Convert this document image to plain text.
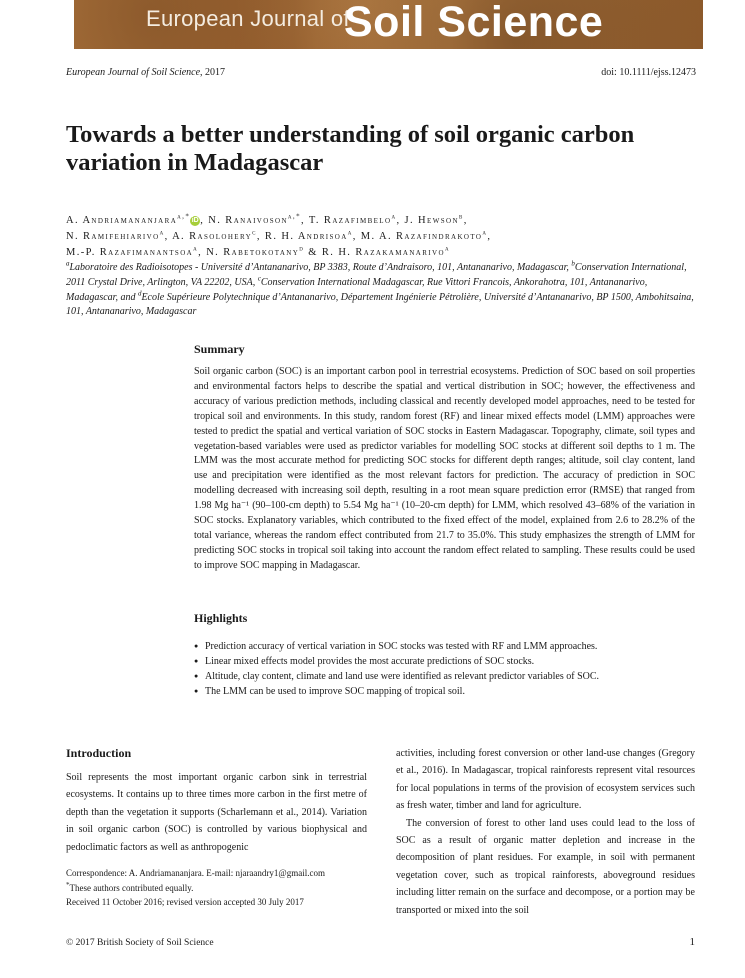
European Journal of
Soil Science
European Journal of Soil Science, 2017	doi: 10.1111/ejss.12473
Towards a better understanding of soil organic carbon variation in Madagascar
A. Andriamananjara$^{a,*}$ iD , N. Ranaivoson$^{a,*}$, T. Razafimbelo$^a$, J. Hewson$^b$,
N. Ramifehiarivo$^a$, A. Rasolohery$^c$, R. H. Andrisoa$^a$, M. A. Razafindrakoto$^a$,
M.-P. Razafimanantsoa$^a$, N. Rabetokotany$^d$ & R. H. Razakamanarivo$^a$
$^a$Laboratoire des Radioisotopes - Université d’Antananarivo, BP 3383, Route d’Andraisoro, 101, Antananarivo, Madagascar, $^b$Conservation International, 2011 Crystal Drive, Arlington, VA 22202, USA, $^c$Conservation International Madagascar, Rue Vittori Francois, Ankorahotra, 101, Antananarivo, Madagascar, and $^d$Ecole Supérieure Polytechnique d’Antananarivo, Département Ingénierie Pétrolière, Université d’Antananarivo, BP 1500, Ambohitsaina, 101, Antananarivo, Madagascar
Summary

Soil organic carbon (SOC) is an important carbon pool in terrestrial ecosystems. Prediction of SOC based on soil properties and environmental factors helps to describe the spatial and vertical distribution in SOC; however, the effectiveness and accuracy of various prediction methods, including classical and recently developed model approaches, need to be tested for tropical soil and environments. In this study, random forest (RF) and linear mixed effects model (LMM) approaches were tested to predict the spatial and vertical variation of SOC stocks in Eastern Madagascar. Topography, climate, soil types and vegetation-based variables were used as predictor variables for modelling SOC stocks at different soil depths to 1 m. The LMM was the most accurate method for predicting SOC stocks for different depth ranges; altitude, soil clay content, land use and precipitation were identified as the most relevant factors for prediction. The accuracy of prediction in SOC modelling decreased with increasing soil depth, resulting in a root mean square prediction error (RMSE) that ranged from 1.98 Mg ha⁻¹ (90–100-cm depth) to 5.54 Mg ha⁻¹ (10–20-cm depth) for LMM, which resolved 43–68% of the variation in SOC stocks. Explanatory variables, which contributed to the fixed effect of the model, explained from 2.6 to 28.2% of the total variance, whereas the random effect contributed from 21.7 to 35.0%. This study emphasizes the strength of LMM for predicting SOC stocks in tropical soil taking into account the random effect related to sampling. These results could be used to improve SOC mapping in Madagascar.

Highlights
● Prediction accuracy of vertical variation in SOC stocks was tested with RF and LMM approaches.
● Linear mixed effects model provides the most accurate predictions of SOC stocks.
● Altitude, clay content, climate and land use were identified as relevant predictor variables of SOC.
● The LMM can be used to improve SOC mapping of tropical soil.
Introduction

Soil represents the most important organic carbon sink in terrestrial ecosystems. It contains up to three times more carbon in the first metre of depth than the vegetation it supports (Scharlemann et al., 2014). Variation in soil organic carbon (SOC) is controlled by various biophysical and pedoclimatic factors as well as anthropogenic

Correspondence: A. Andriamananjara. E-mail: njaraandry1@gmail.com
*These authors contributed equally.
Received 11 October 2016; revised version accepted 30 July 2017

activities, including forest conversion or other land-use changes (Gregory et al., 2016). In Madagascar, tropical rainforests represent vital resources for local populations in terms of the provision of ecosystem services such as fresh water, timber and land for agriculture.

The conversion of forest to other land uses could lead to the loss of SOC as a result of organic matter depletion and increase in the decomposition of plant residues. For example, in soil with permanent vegetation cover, such as tropical rainforests, aboveground residues including litter remain on the surface and decompose, or a portion may be transported or mixed into the soil

© 2017 British Society of Soil Science	1
